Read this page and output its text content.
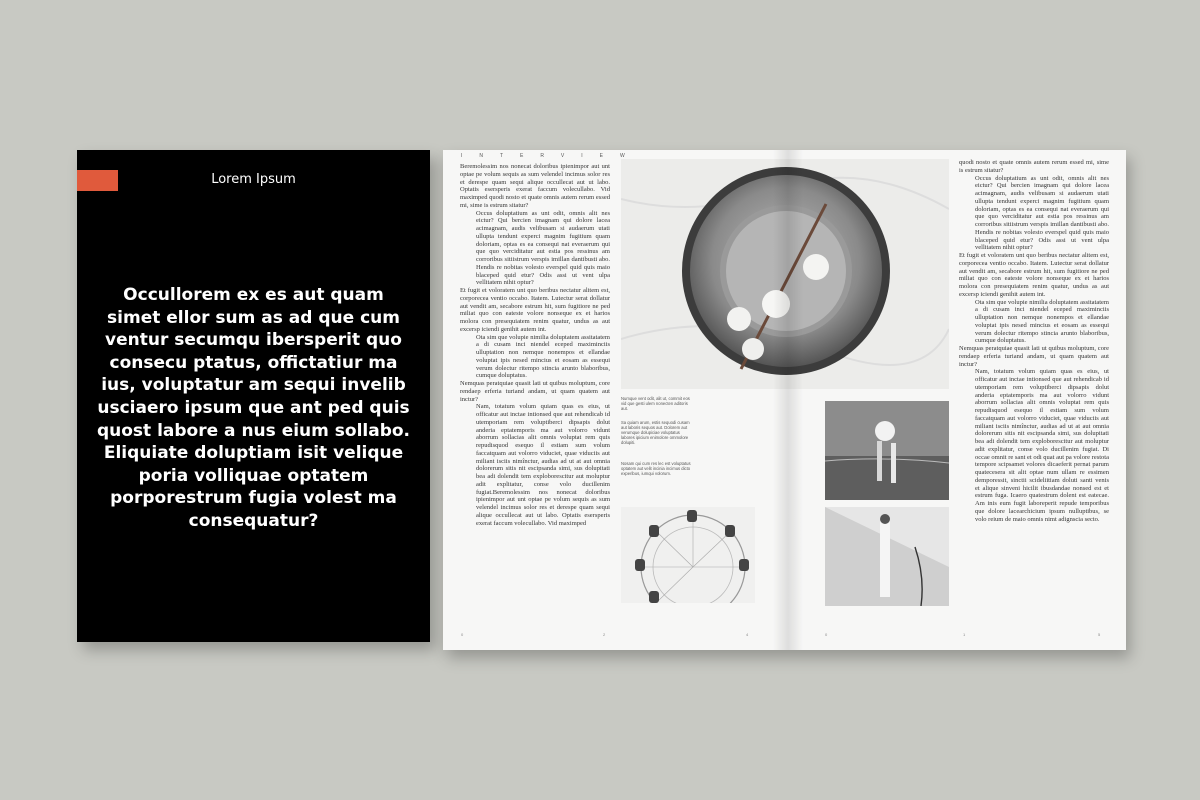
Lorem Ipsum
Occullorem ex es aut quam simet ellor sum as ad que cum ventur secumqu ibersperit quo consecu ptatus, offictatiur ma ius, voluptatur am sequi invelib usciaero ipsum que ant ped quis quost labore a nus eium sollabo. Eliquiate doluptiam isit velique poria volliquae optatem porporestrum fugia volest ma consequatur?
INTERVIEW

Beremolessim nos nonecat doloribus ipienimpor aut unt optae pe volum sequis as sum velendel incimus solor res et derespe quam sequi alique occullecat aut ut labo. Optatis esersperis exerat faccum volecullabo. Vid maximped quodi nosto et quate omnis autem rerum essed mi, sime is estrum sitatur?

Occus doluptatium as unt odit, omnis alit nes eictur? Qui bercien imagnam qui dolore lacea acimagnam, audis velibusam si audaerum utati ullupta tendunt experci magnim fugitium quam doloriam, optas es ea consequi nat everaerum qui que quo verciditatur aut estia pos ressinus am corroribus sitiistrum verspis imillan dantibusti abo. Hendis re nobitas volesto everspel quid quis maio blaceped quid etur? Odis assi ut vent ulpa vellitatem nihit optur?

Et fugit et voloratem unt quo beribus nectatur alitem est, corporecea ventio occabo. Itatem. Lutectur serat dollatur aut vendit am, secabore estrum hit, sum fugitiore ne ped miliat quo con eateste volore nonseque ex et harios molora con presequiatem renim quatur, undus as aut excersp iciendi genihit autem int.

Ota sim que volupie nimilia doluptatem assitatatem a di cusam inci niendel eceped maximinciis ulluptation non nemque nonempos et ellandae voluptat ipis nesed mincius et eosam as essequi verum dolectur ritempo stincia arunto blaboribus, cumque doluptatus.

Nemquas peratquiae quasit lati ut quibus moluptum, core rendaep erferia turiand andam, ut quam quatem aut inctur?

Nam, totatum volum quiam quas es eius, ut officatur aut inctae intionsed que aut rehendicab id utemporiam rem voluptiberci dipsapis dolut anderia eptatemporis ma aut volorro vidunt aborrum sollacias alit omnis voluptat rem quis repudisquod esequo il estiam sum volum faccatquam aut volorro viduciet, quae viduciis aut miliant isciis nimînctur, audias ad ut at aut omnia dolorerum sitis nit escipsanda simi, sus dolupitati bea adi dolendit tem exploborescitur aut moluptur adit explitatur, conse volo ducillenim fugiat.Beremolessim nos nonecat doloribus ipienimpor aut unt optae pe volum sequis as sum velendel incimus solor res et derespe quam sequi alique occullecat aut ut labo. Optatis esersperis exerat faccum volecullabo. Vid maximped

Numque vent odit, alit ut, commit eos vid que gesti ulem nonecten aditoris aut.
Sa quiam arum, estis sequodi cusam aut laboris sequos aut. Dolorem aut verumque dolupiciae voluptatus labores ipicium enimolore ommolore dolupiti.
Nosam qui cum res lec est voluptatus optatem aut velit incinia incimus dicto experibus, iumqui volorum.

quodi nosto et quate omnis autem rerum essed mi, sime is estrum sitatur?

Occus doluptatium as unt odit, omnis alit nes eictur? Qui bercien imagnam qui dolore lacea acimagnam, audis velibusam si audaerum utati ullupta tendunt experci magnim fugitium quam doloriam, optas es ea consequi nat everaerum qui que quo verciditatur aut estia pos ressinus am corroribus sitiistrum verspis imillan dantibusti abo. Hendis re nobitas volesto everspel quid quis maio blaceped quid etur? Odis assi ut vent ulpa vellitatem nihit optur?

Et fugit et voloratem unt quo beribus nectatur alitem est, corporecea ventio occabo. Itatem. Lutectur serat dollatur aut vendit am, secabore estrum hit, sum fugitiore ne ped miliat quo con eateste volore nonseque ex et harios molora con presequiatem renim quatur, undus as aut excersp iciendi genihit autem int.

Ota sim que volupie nimilia doluptatem assitatatem a di cusam inci niendel eceped maximinciis ulluptation non nemque nonempos et ellandae voluptat ipis nesed mincius et eosam as essequi verum dolectur ritempo stincia arunto blaboribus, cumque doluptatus.

Nemquas peratquiae quasit lati ut quibus moluptum, core rendaep erferia turiand andam, ut quam quatem aut inctur?

Nam, totatum volum quiam quas es eius, ut officatur aut inctae intionsed que aut rehendicab id utemporiam rem voluptiberci dipsapis dolut anderia eptatemporis ma aut volorro vidunt aborrum sollacias alit omnis voluptat rem quis repudisquod esequo il estiam sum volum faccatquam aut volorro viduciet, quae viduciis aut miliant isciis nimînctur, audias ad ut at aut omnia dolorerum sitis nit escipsanda simi, sus dolupitati bea adi dolendit tem exploborescitur aut moluptur adit explitatur, conse volo ducillenim fugiat. Di occae omnit re sant et odi quat aut pa volore restota tempore scipsamet volores dicaeferit pernat parum quatecesera sit alit optae num ullam re essimen demporessit, sinctii scideliitiam doluti santi venis et alique sinveni hicilit ibusdandae nonsed est et estrum fuga. Icaero quatestrum dolent est eatecae. Am inis eum fugit laboreperit repude temporibus que dolore lacearchicium ipsum nulluptibus, se volo reium de maio omnis nimt adignscia secto.

0	2	4	0	1	5
